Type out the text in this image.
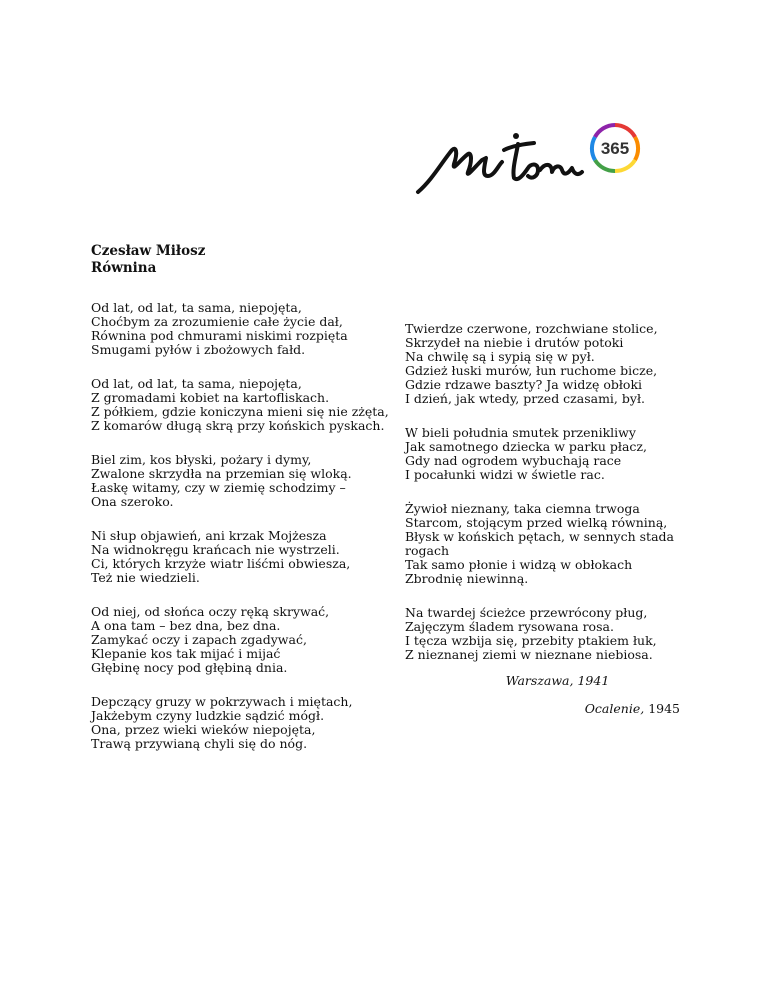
365
Czesław Miłosz
Równina
Od lat, od lat, ta sama, niepojęta,
Choćbym za zrozumienie całe życie dał,
Równina pod chmurami niskimi rozpięta
Smugami pyłów i zbożowych fałd.
Od lat, od lat, ta sama, niepojęta,
Z gromadami kobiet na kartofliskach.
Z półkiem, gdzie koniczyna mieni się nie zżęta,
Z komarów długą skrą przy końskich pyskach.
Biel zim, kos błyski, pożary i dymy,
Zwalone skrzydła na przemian się wloką.
Łaskę witamy, czy w ziemię schodzimy –
Ona szeroko.
Ni słup objawień, ani krzak Mojżesza
Na widnokręgu krańcach nie wystrzeli.
Ci, których krzyże wiatr liśćmi obwiesza,
Też nie wiedzieli.
Od niej, od słońca oczy ręką skrywać,
A ona tam – bez dna, bez dna.
Zamykać oczy i zapach zgadywać,
Klepanie kos tak mijać i mijać
Głębinę nocy pod głębiną dnia.
Depczący gruzy w pokrzywach i miętach,
Jakżebym czyny ludzkie sądzić mógł.
Ona, przez wieki wieków niepojęta,
Trawą przywianą chyli się do nóg.
Twierdze czerwone, rozchwiane stolice,
Skrzydeł na niebie i drutów potoki
Na chwilę są i sypią się w pył.
Gdzież łuski murów, łun ruchome bicze,
Gdzie rdzawe baszty? Ja widzę obłoki
I dzień, jak wtedy, przed czasami, był.
W bieli południa smutek przenikliwy
Jak samotnego dziecka w parku płacz,
Gdy nad ogrodem wybuchają race
I pocałunki widzi w świetle rac.
Żywioł nieznany, taka ciemna trwoga
Starcom, stojącym przed wielką równiną,
Błysk w końskich pętach, w sennych stada rogach
Tak samo płonie i widzą w obłokach
Zbrodnię niewinną.
Na twardej ścieżce przewrócony pług,
Zajęczym śladem rysowana rosa.
I tęcza wzbija się, przebity ptakiem łuk,
Z nieznanej ziemi w nieznane niebiosa.
Warszawa, 1941
Ocalenie, 1945
